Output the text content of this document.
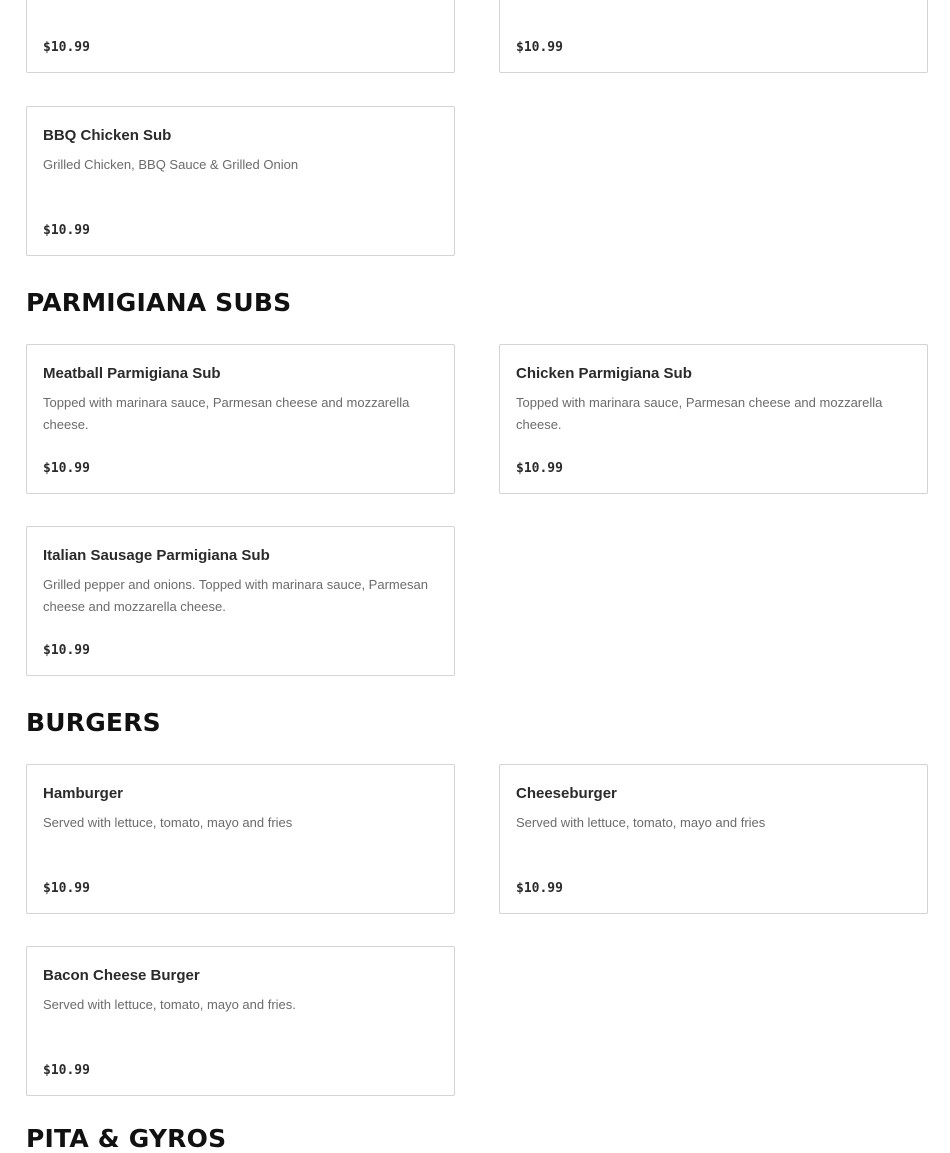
$10.99	$10.99
BBQ Chicken Sub
Grilled Chicken, BBQ Sauce & Grilled Onion
$10.99
PARMIGIANA SUBS
Meatball Parmigiana Sub
Topped with marinara sauce, Parmesan cheese and mozzarella cheese.
$10.99
Chicken Parmigiana Sub
Topped with marinara sauce, Parmesan cheese and mozzarella cheese.
$10.99
Italian Sausage Parmigiana Sub
Grilled pepper and onions. Topped with marinara sauce, Parmesan cheese and mozzarella cheese.
$10.99
BURGERS
Hamburger
Served with lettuce, tomato, mayo and fries
$10.99
Cheeseburger
Served with lettuce, tomato, mayo and fries
$10.99
Bacon Cheese Burger
Served with lettuce, tomato, mayo and fries.
$10.99
PITA & GYROS
